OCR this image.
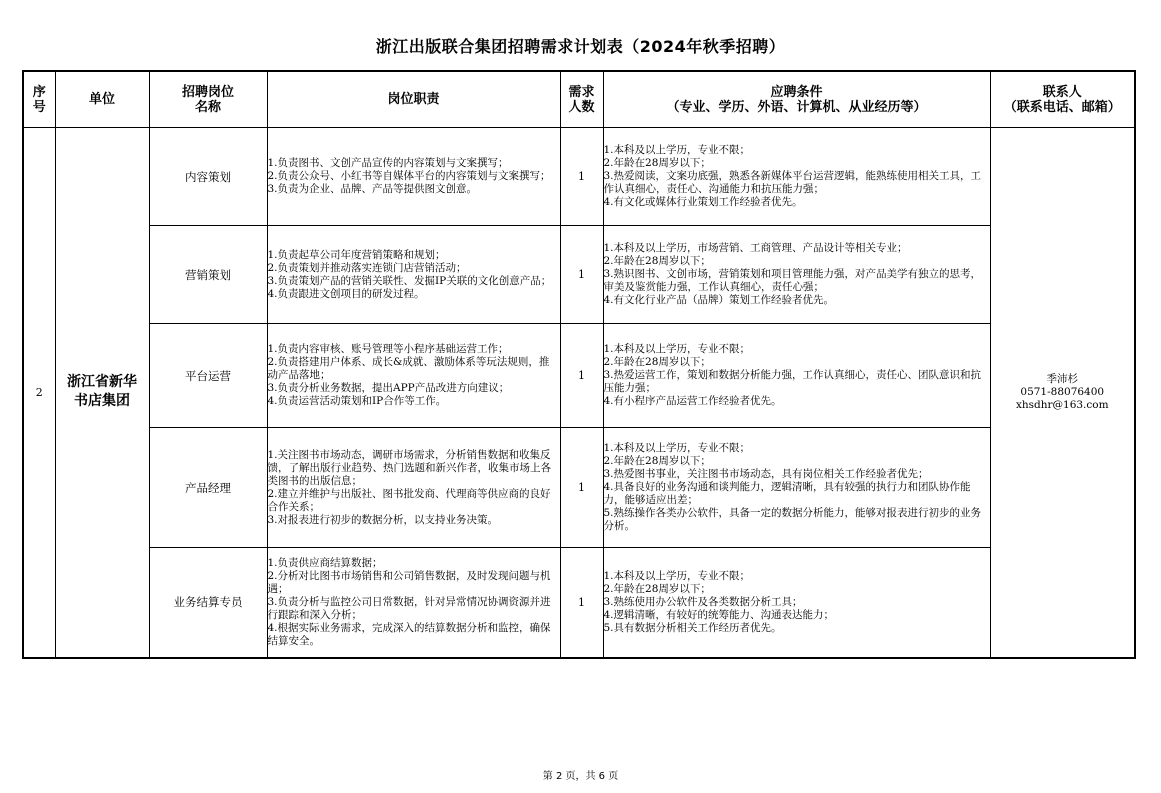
浙江出版联合集团招聘需求计划表（2024年秋季招聘）
序号	单位	招聘岗位名称	岗位职责	需求人数	应聘条件
（专业、学历、外语、计算机、从业经历等）	联系人
（联系电话、邮箱）

2	浙江省新华书店集团	内容策划	1.负责图书、文创产品宣传的内容策划与文案撰写；
2.负责公众号、小红书等自媒体平台的内容策划与文案撰写；
3.负责为企业、品牌、产品等提供图文创意。	1	1.本科及以上学历，专业不限；
2.年龄在28周岁以下；
3.热爱阅读，文案功底强，熟悉各新媒体平台运营逻辑，能熟练使用相关工具，工作认真细心，责任心、沟通能力和抗压能力强；
4.有文化或媒体行业策划工作经验者优先。	季沛杉
0571-88076400
xhsdhr@163.com

		营销策划	1.负责起草公司年度营销策略和规划；
2.负责策划并推动落实连锁门店营销活动；
3.负责策划产品的营销关联性、发掘IP关联的文化创意产品；
4.负责跟进文创项目的研发过程。	1	1.本科及以上学历，市场营销、工商管理、产品设计等相关专业；
2.年龄在28周岁以下；
3.熟识图书、文创市场，营销策划和项目管理能力强，对产品美学有独立的思考，审美及鉴赏能力强，工作认真细心，责任心强；
4.有文化行业产品（品牌）策划工作经验者优先。	

		平台运营	1.负责内容审核、账号管理等小程序基础运营工作；
2.负责搭建用户体系、成长&成就、激励体系等玩法规则，推动产品落地；
3.负责分析业务数据，提出APP产品改进方向建议；
4.负责运营活动策划和IP合作等工作。	1	1.本科及以上学历，专业不限；
2.年龄在28周岁以下；
3.热爱运营工作，策划和数据分析能力强，工作认真细心，责任心、团队意识和抗压能力强；
4.有小程序产品运营工作经验者优先。	

		产品经理	1.关注图书市场动态，调研市场需求，分析销售数据和收集反馈，了解出版行业趋势、热门选题和新兴作者，收集市场上各类图书的出版信息；
2.建立并维护与出版社、图书批发商、代理商等供应商的良好合作关系；
3.对报表进行初步的数据分析，以支持业务决策。	1	1.本科及以上学历，专业不限；
2.年龄在28周岁以下；
3.热爱图书事业，关注图书市场动态，具有岗位相关工作经验者优先；
4.具备良好的业务沟通和谈判能力，逻辑清晰，具有较强的执行力和团队协作能力，能够适应出差；
5.熟练操作各类办公软件，具备一定的数据分析能力，能够对报表进行初步的业务分析。	

		业务结算专员	1.负责供应商结算数据；
2.分析对比图书市场销售和公司销售数据，及时发现问题与机遇；
3.负责分析与监控公司日常数据，针对异常情况协调资源并进行跟踪和深入分析；
4.根据实际业务需求，完成深入的结算数据分析和监控，确保结算安全。	1	1.本科及以上学历，专业不限；
2.年龄在28周岁以下；
3.熟练使用办公软件及各类数据分析工具；
4.逻辑清晰，有较好的统筹能力、沟通表达能力；
5.具有数据分析相关工作经历者优先。	
第 2 页，共 6 页
